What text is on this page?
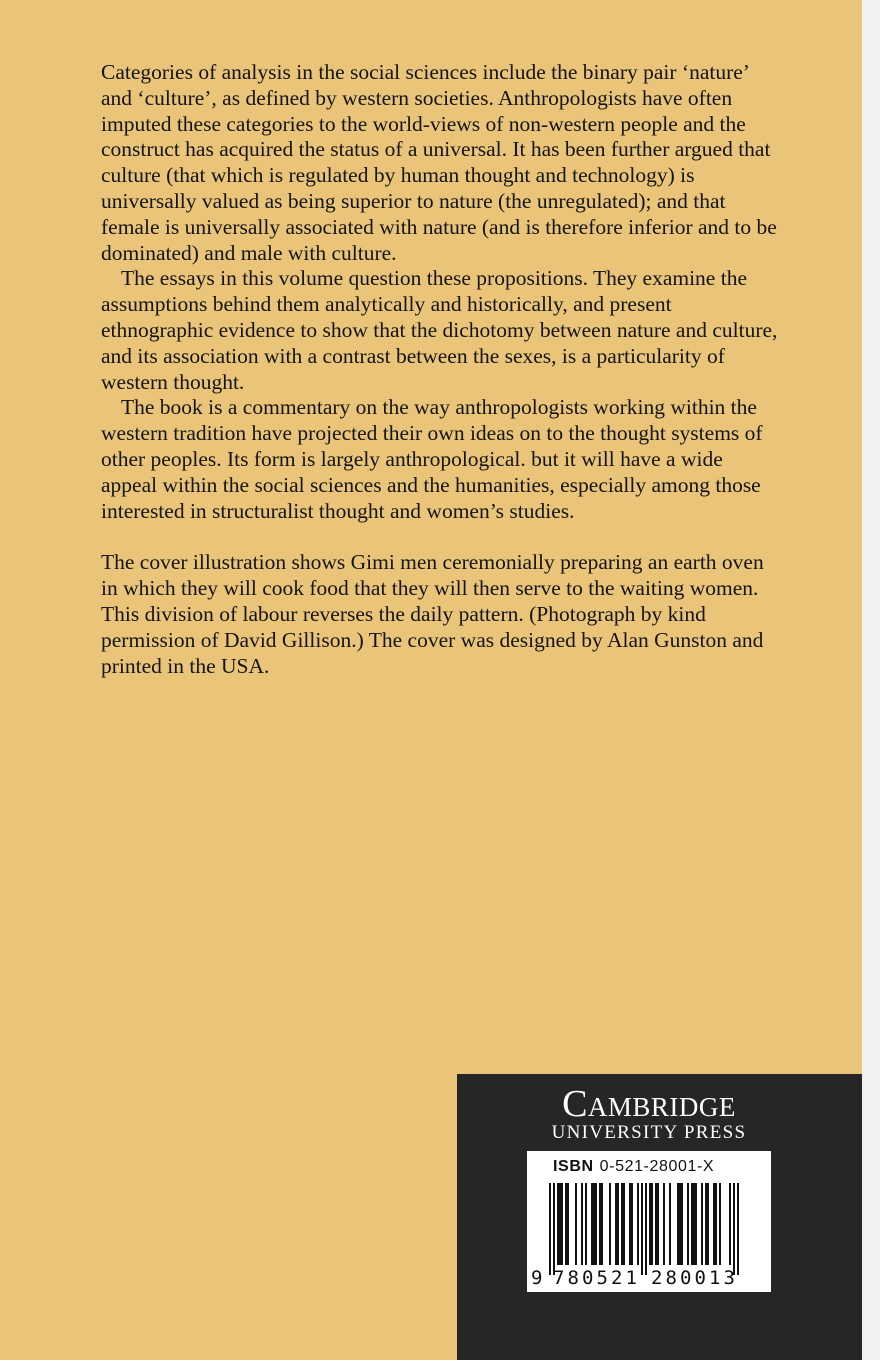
Categories of analysis in the social sciences include the binary pair ‘nature’ and ‘culture’, as defined by western societies. Anthropologists have often imputed these categories to the world-views of non-western people and the construct has acquired the status of a universal. It has been further argued that culture (that which is regulated by human thought and technology) is universally valued as being superior to nature (the unregulated); and that female is universally associated with nature (and is therefore inferior and to be dominated) and male with culture.

The essays in this volume question these propositions. They examine the assumptions behind them analytically and historically, and present ethnographic evidence to show that the dichotomy between nature and culture, and its association with a contrast between the sexes, is a particularity of western thought.

The book is a commentary on the way anthropologists working within the western tradition have projected their own ideas on to the thought systems of other peoples. Its form is largely anthropological. but it will have a wide appeal within the social sciences and the humanities, especially among those interested in structuralist thought and women’s studies.

The cover illustration shows Gimi men ceremonially preparing an earth oven in which they will cook food that they will then serve to the waiting women. This division of labour reverses the daily pattern. (Photograph by kind permission of David Gillison.) The cover was designed by Alan Gunston and printed in the USA.

Cambridge
UNIVERSITY PRESS
9 780521 280013
ISBN 0-521-28001-X
